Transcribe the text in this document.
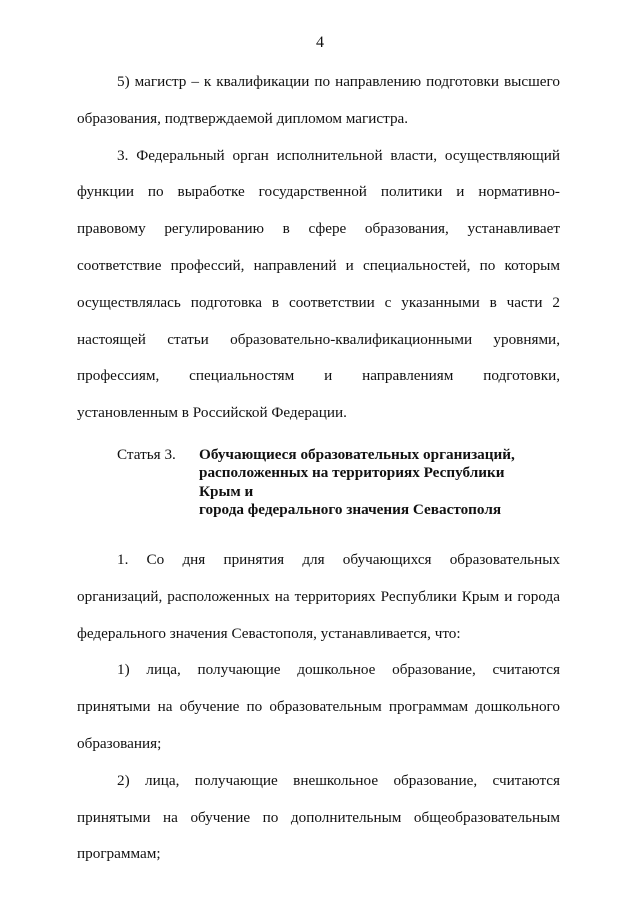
4

5) магистр – к квалификации по направлению подготовки высшего образования, подтверждаемой дипломом магистра.

3. Федеральный орган исполнительной власти, осуществляющий функции по выработке государственной политики и нормативно-правовому регулированию в сфере образования, устанавливает соответствие профессий, направлений и специальностей, по которым осуществлялась подготовка в соответствии с указанными в части 2 настоящей статьи образовательно-квалификационными уровнями, профессиям, специальностям и направлениям подготовки, установленным в Российской Федерации.

Статья 3.	Обучающиеся образовательных организаций,
расположенных на территориях Республики Крым и
города федерального значения Севастополя

1. Со дня принятия для обучающихся образовательных организаций, расположенных на территориях Республики Крым и города федерального значения Севастополя, устанавливается, что:

1) лица, получающие дошкольное образование, считаются принятыми на обучение по образовательным программам дошкольного образования;

2) лица, получающие внешкольное образование, считаются принятыми на обучение по дополнительным общеобразовательным программам;
